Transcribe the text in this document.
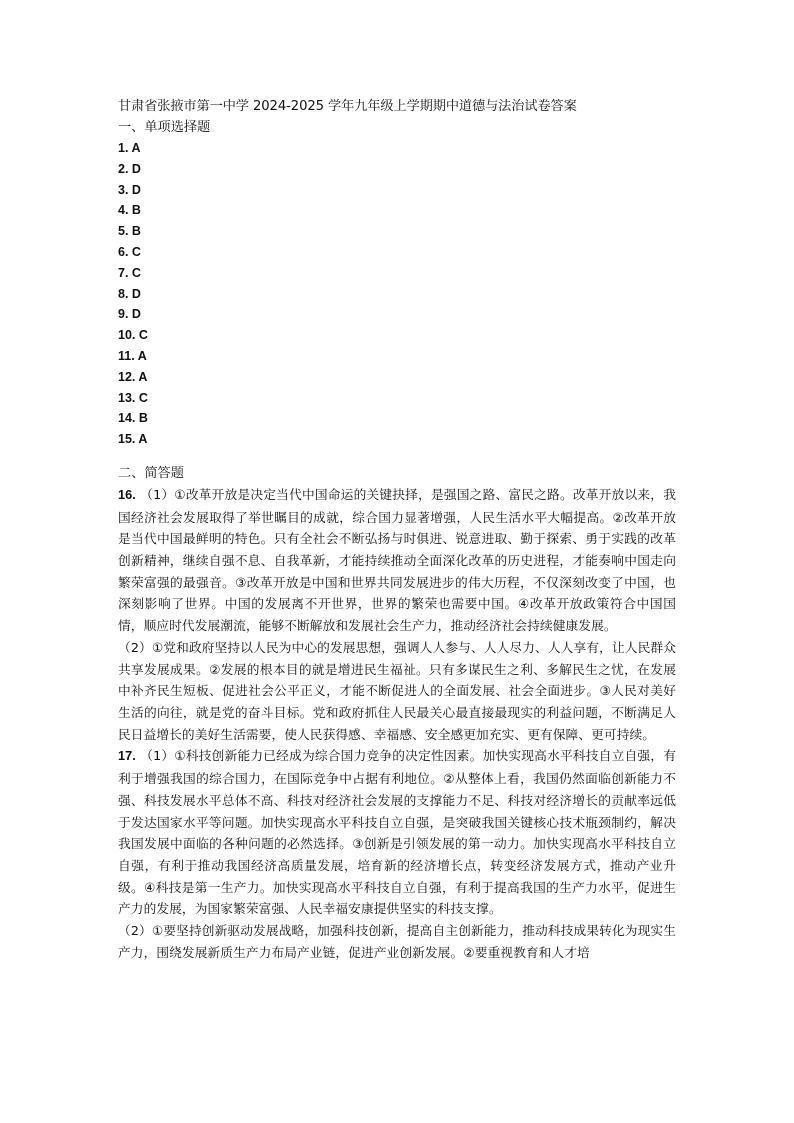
甘肃省张掖市第一中学 2024-2025 学年九年级上学期期中道德与法治试卷答案
一、单项选择题
1. A
2. D
3. D
4. B
5. B
6. C
7. C
8. D
9. D
10. C
11. A
12. A
13. C
14. B
15. A
二、简答题

16. （1）①改革开放是决定当代中国命运的关键抉择，是强国之路、富民之路。改革开放以来，我国经济社会发展取得了举世瞩目的成就，综合国力显著增强，人民生活水平大幅提高。②改革开放是当代中国最鲜明的特色。只有全社会不断弘扬与时俱进、锐意进取、勤于探索、勇于实践的改革创新精神，继续自强不息、自我革新，才能持续推动全面深化改革的历史进程，才能奏响中国走向繁荣富强的最强音。③改革开放是中国和世界共同发展进步的伟大历程，不仅深刻改变了中国，也深刻影响了世界。中国的发展离不开世界，世界的繁荣也需要中国。④改革开放政策符合中国国情，顺应时代发展潮流，能够不断解放和发展社会生产力，推动经济社会持续健康发展。

（2）①党和政府坚持以人民为中心的发展思想，强调人人参与、人人尽力、人人享有，让人民群众共享发展成果。②发展的根本目的就是增进民生福祉。只有多谋民生之利、多解民生之忧，在发展中补齐民生短板、促进社会公平正义，才能不断促进人的全面发展、社会全面进步。③人民对美好生活的向往，就是党的奋斗目标。党和政府抓住人民最关心最直接最现实的利益问题，不断满足人民日益增长的美好生活需要，使人民获得感、幸福感、安全感更加充实、更有保障、更可持续。

17. （1）①科技创新能力已经成为综合国力竞争的决定性因素。加快实现高水平科技自立自强，有利于增强我国的综合国力，在国际竞争中占据有利地位。②从整体上看，我国仍然面临创新能力不强、科技发展水平总体不高、科技对经济社会发展的支撑能力不足、科技对经济增长的贡献率远低于发达国家水平等问题。加快实现高水平科技自立自强，是突破我国关键核心技术瓶颈制约，解决我国发展中面临的各种问题的必然选择。③创新是引领发展的第一动力。加快实现高水平科技自立自强，有利于推动我国经济高质量发展，培育新的经济增长点，转变经济发展方式，推动产业升级。④科技是第一生产力。加快实现高水平科技自立自强，有利于提高我国的生产力水平，促进生产力的发展，为国家繁荣富强、人民幸福安康提供坚实的科技支撑。

（2）①要坚持创新驱动发展战略，加强科技创新，提高自主创新能力，推动科技成果转化为现实生产力，围绕发展新质生产力布局产业链，促进产业创新发展。②要重视教育和人才培
